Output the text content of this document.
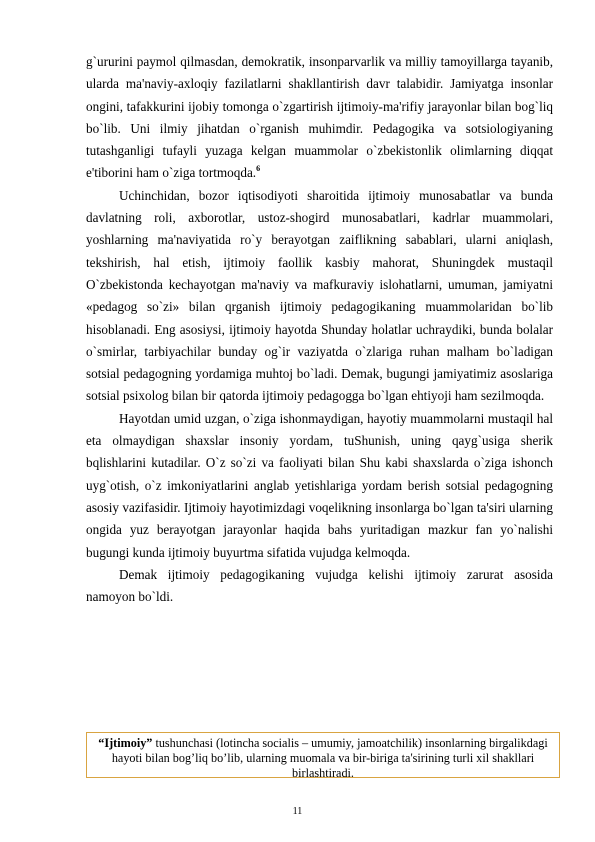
g`ururini paymol qilmasdan, demokratik, insonparvarlik va milliy tamoyillarga tayanib, ularda ma'naviy-axloqiy fazilatlarni shakllantirish davr talabidir. Jamiyatga insonlar ongini, tafakkurini ijobiy tomonga o`zgartirish ijtimoiy-ma'rifiy jarayonlar bilan bog`liq bo`lib. Uni ilmiy jihatdan o`rganish muhimdir. Pedagogika va sotsiologiyaning tutashganligi tufayli yuzaga kelgan muammolar o`zbekistonlik olimlarning diqqat e'tiborini ham o`ziga tortmoqda.$^6$

Uchinchidan, bozor iqtisodiyoti sharoitida ijtimoiy munosabatlar va bunda davlatning roli, axborotlar, ustoz-shogird munosabatlari, kadrlar muammolari, yoshlarning ma'naviyatida ro`y berayotgan zaiflikning sabablari, ularni aniqlash, tekshirish, hal etish, ijtimoiy faollik kasbiy mahorat, Shuningdek mustaqil O`zbekistonda kechayotgan ma'naviy va mafkuraviy islohatlarni, umuman, jamiyatni «pedagog so`zi» bilan qrganish ijtimoiy pedagogikaning muammolaridan bo`lib hisoblanadi. Eng asosiysi, ijtimoiy hayotda Shunday holatlar uchraydiki, bunda bolalar o`smirlar, tarbiyachilar bunday og`ir vaziyatda o`zlariga ruhan malham bo`ladigan sotsial pedagogning yordamiga muhtoj bo`ladi. Demak, bugungi jamiyatimiz asoslariga sotsial psixolog bilan bir qatorda ijtimoiy pedagogga bo`lgan ehtiyoji ham sezilmoqda.

Hayotdan umid uzgan, o`ziga ishonmaydigan, hayotiy muammolarni mustaqil hal eta olmaydigan shaxslar insoniy yordam, tuShunish, uning qayg`usiga sherik bqlishlarini kutadilar. O`z so`zi va faoliyati bilan Shu kabi shaxslarda o`ziga ishonch uyg`otish, o`z imkoniyatlarini anglab yetishlariga yordam berish sotsial pedagogning asosiy vazifasidir. Ijtimoiy hayotimizdagi voqelikning insonlarga bo`lgan ta'siri ularning ongida yuz berayotgan jarayonlar haqida bahs yuritadigan mazkur fan yo`nalishi bugungi kunda ijtimoiy buyurtma sifatida vujudga kelmoqda.

Demak ijtimoiy pedagogikaning vujudga kelishi ijtimoiy zarurat asosida namoyon bo`ldi.

“Ijtimoiy” tushunchasi (lotincha socialis – umumiy, jamoatchilik) insonlarning birgalikdagi hayoti bilan bog’liq bo’lib, ularning muomala va bir-biriga ta'sirining turli xil shakllari birlashtiradi.
11
